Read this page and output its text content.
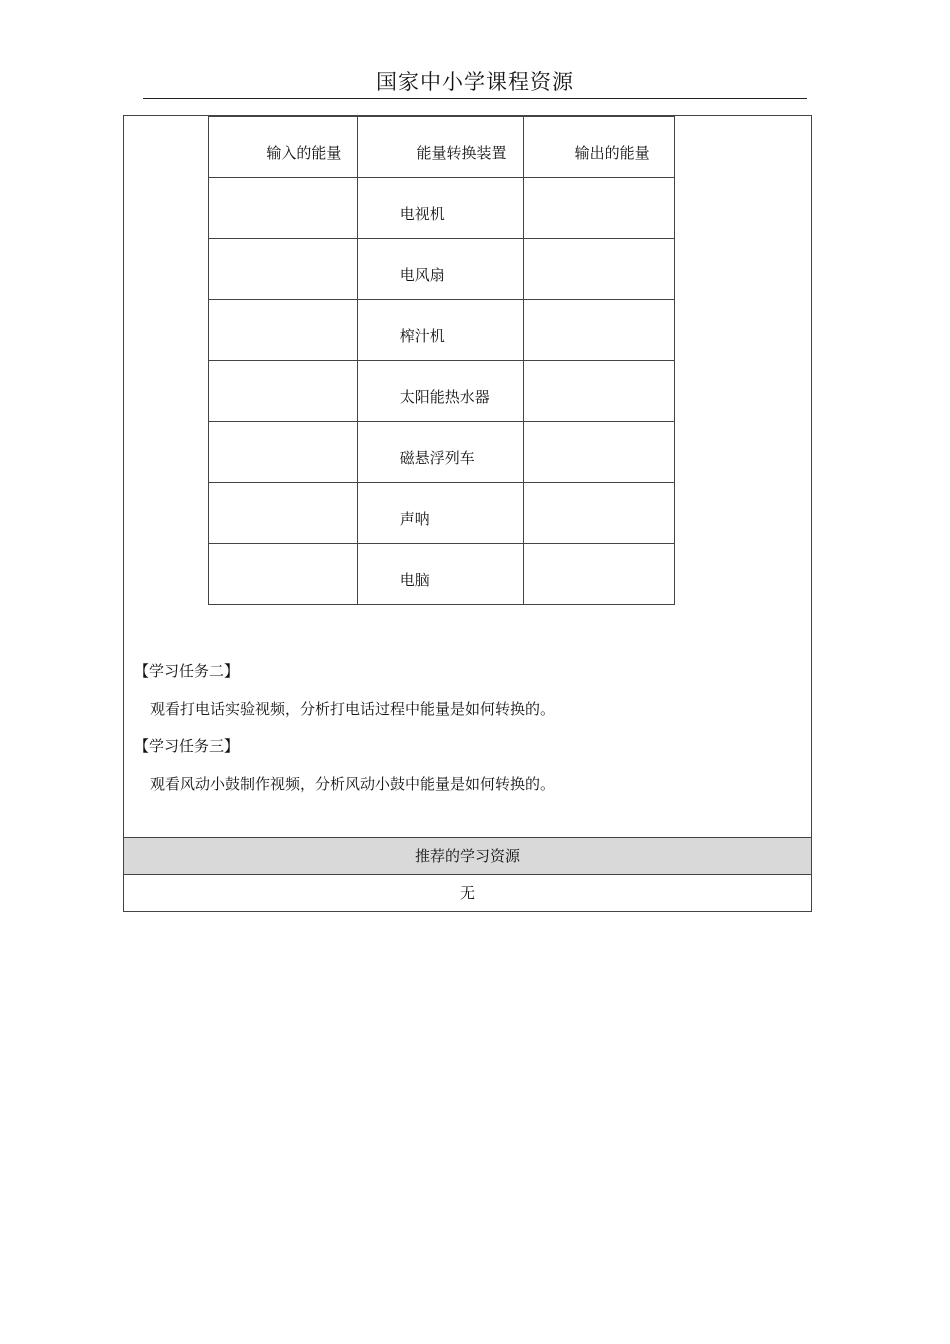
国家中小学课程资源
输入的能量	能量转换装置	输出的能量
	电视机	
	电风扇	
	榨汁机	
	太阳能热水器	
	磁悬浮列车	
	声呐	
	电脑	
【学习任务二】
观看打电话实验视频，分析打电话过程中能量是如何转换的。
【学习任务三】
观看风动小鼓制作视频，分析风动小鼓中能量是如何转换的。
推荐的学习资源
无
